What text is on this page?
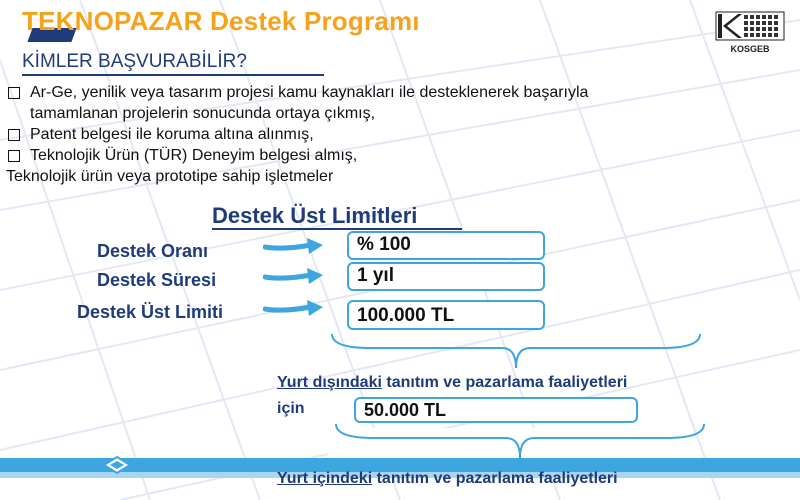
TEKNOPAZAR Destek Programı
KİMLER BAŞVURABİLİR?
KOSGEB
Ar-Ge, yenilik veya tasarım projesi kamu kaynakları ile desteklenerek başarıyla
tamamlanan projelerin sonucunda ortaya çıkmış,
Patent belgesi ile koruma altına alınmış,
Teknolojik Ürün (TÜR) Deneyim belgesi almış,
Teknolojik ürün veya prototipe sahip işletmeler
Destek Üst Limitleri
Destek Oranı	% 100
Destek Süresi	1 yıl
Destek Üst Limiti	100.000 TL
Yurt dışındaki tanıtım ve pazarlama faaliyetleri
için	50.000 TL
Yurt içindeki tanıtım ve pazarlama faaliyetleri
